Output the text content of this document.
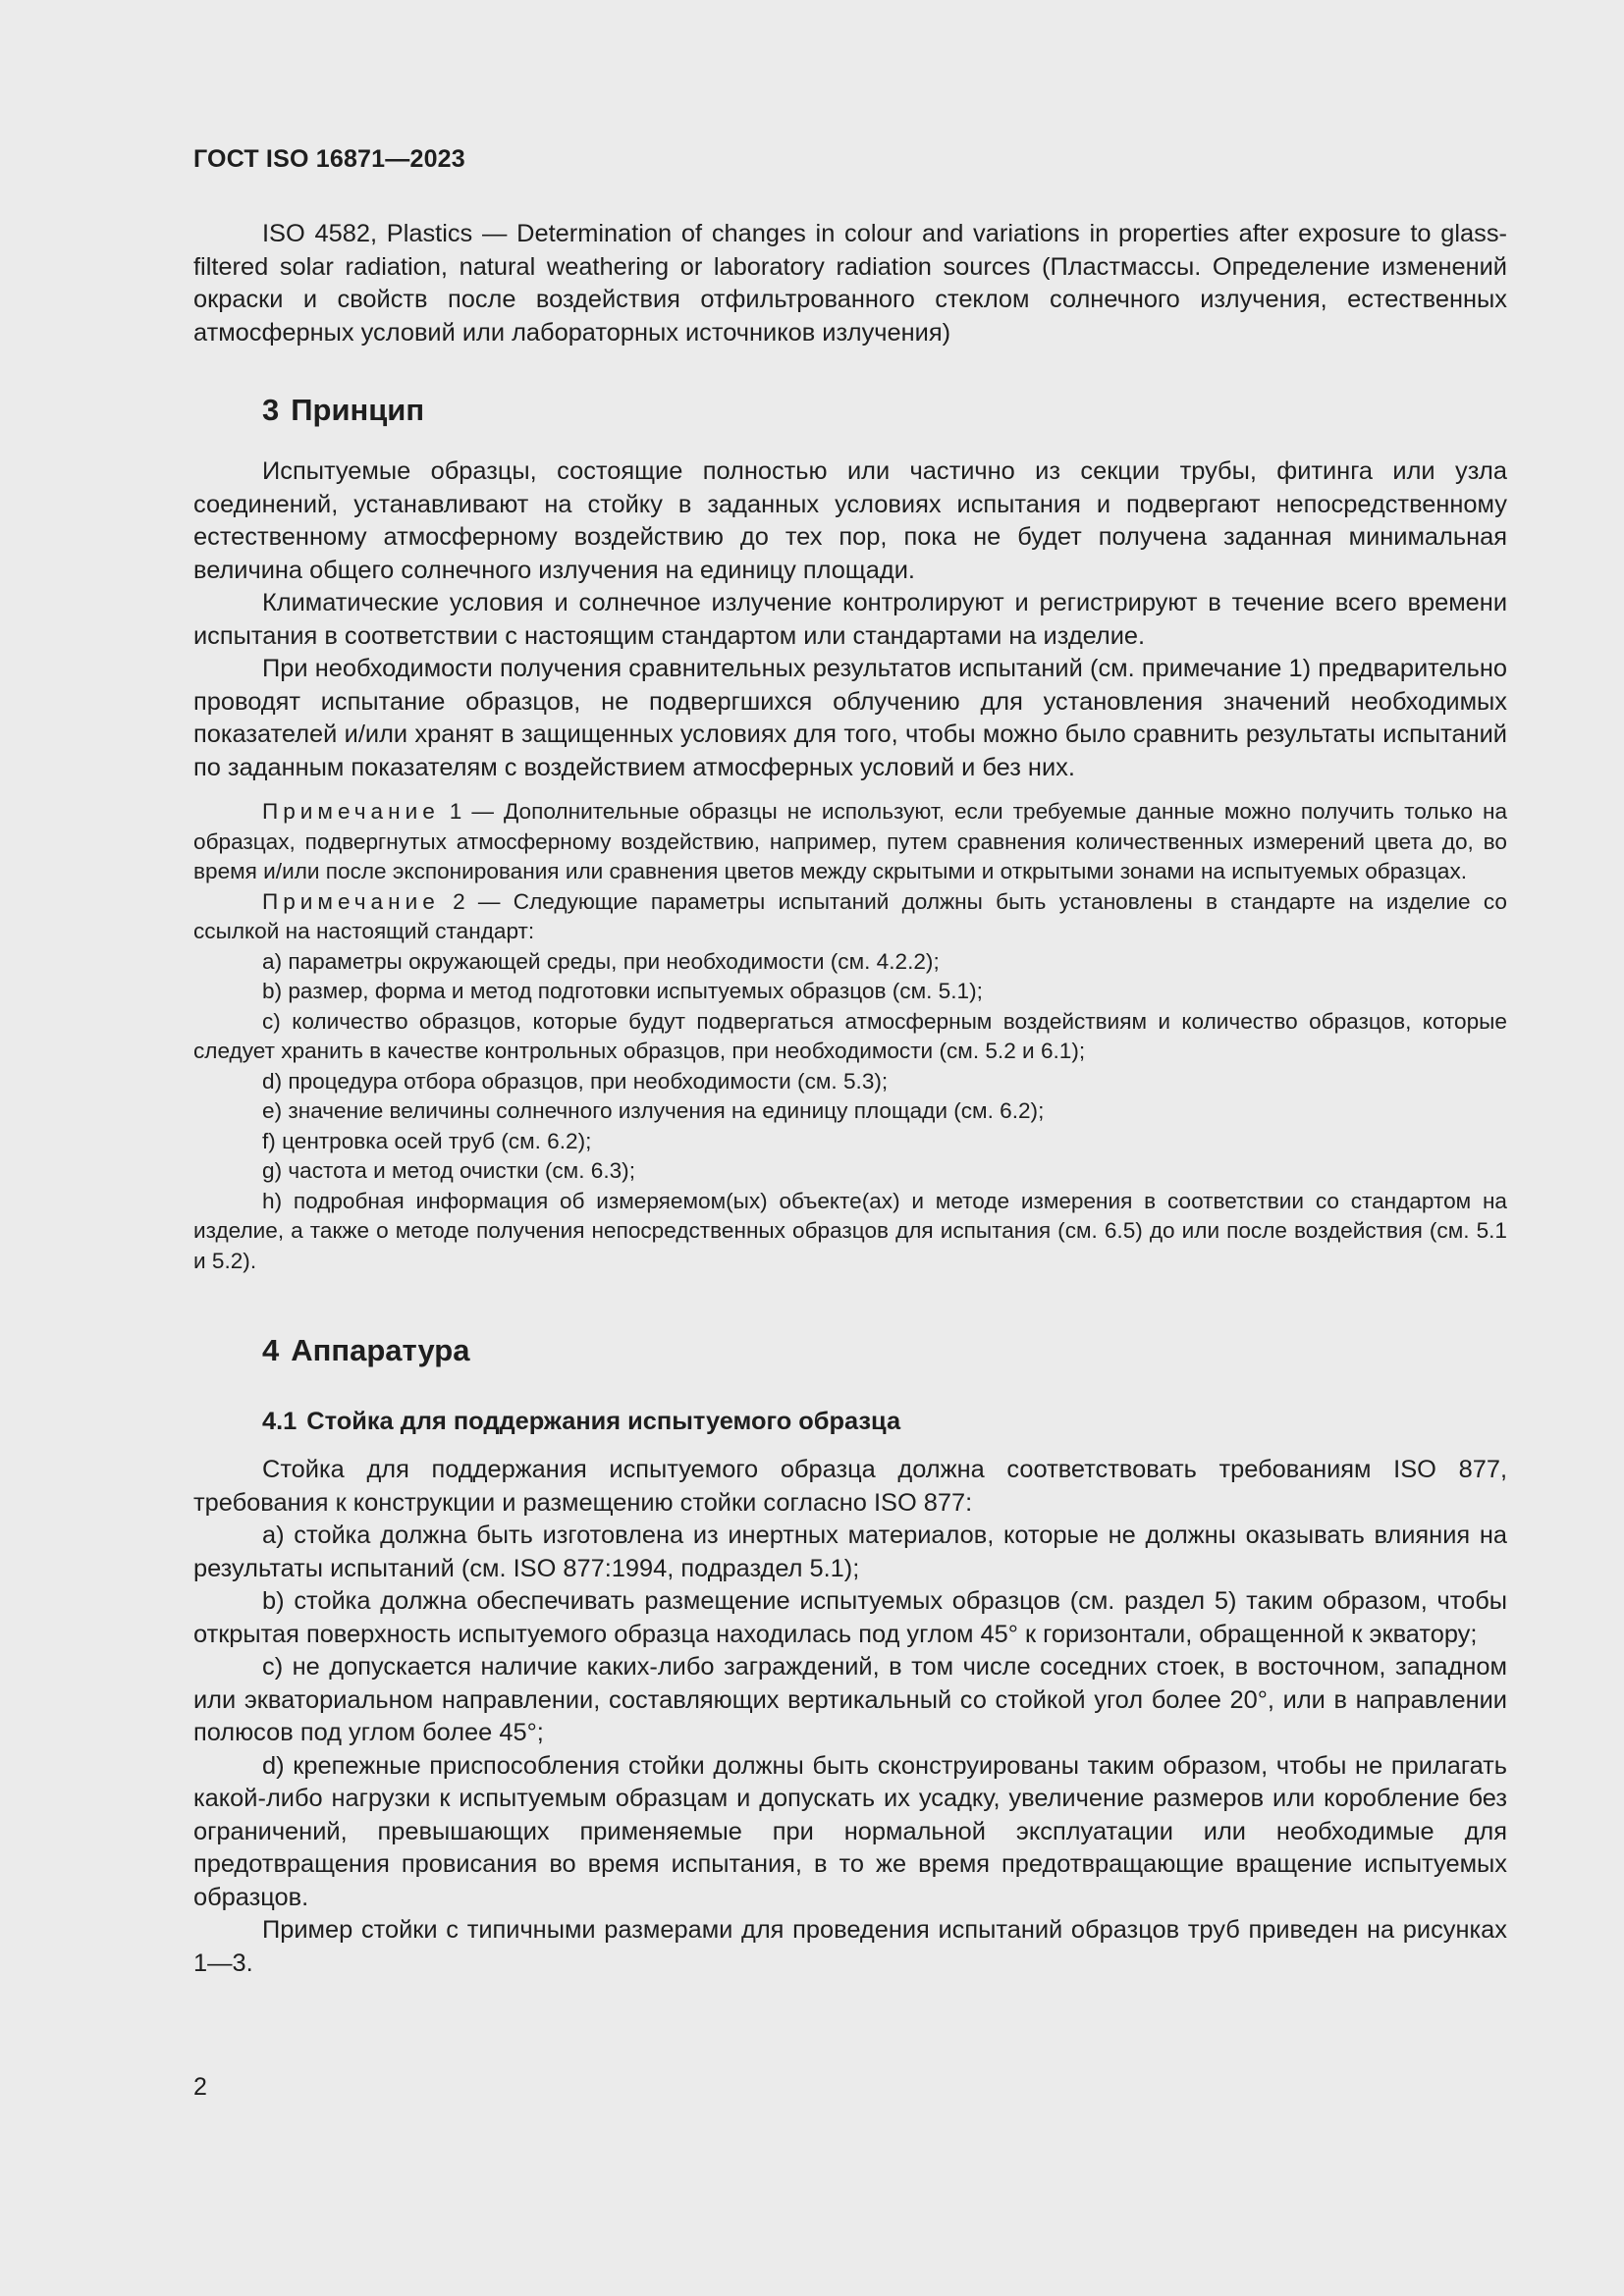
ГОСТ ISO 16871—2023

ISO 4582, Plastics — Determination of changes in colour and variations in properties after exposure to glass-filtered solar radiation, natural weathering or laboratory radiation sources (Пластмассы. Определение изменений окраски и свойств после воздействия отфильтрованного стеклом солнечного излучения, естественных атмосферных условий или лабораторных источников излучения)

3 Принцип

Испытуемые образцы, состоящие полностью или частично из секции трубы, фитинга или узла соединений, устанавливают на стойку в заданных условиях испытания и подвергают непосредственному естественному атмосферному воздействию до тех пор, пока не будет получена заданная минимальная величина общего солнечного излучения на единицу площади.

Климатические условия и солнечное излучение контролируют и регистрируют в течение всего времени испытания в соответствии с настоящим стандартом или стандартами на изделие.

При необходимости получения сравнительных результатов испытаний (см. примечание 1) предварительно проводят испытание образцов, не подвергшихся облучению для установления значений необходимых показателей и/или хранят в защищенных условиях для того, чтобы можно было сравнить результаты испытаний по заданным показателям с воздействием атмосферных условий и без них.

Примечание 1 — Дополнительные образцы не используют, если требуемые данные можно получить только на образцах, подвергнутых атмосферному воздействию, например, путем сравнения количественных измерений цвета до, во время и/или после экспонирования или сравнения цветов между скрытыми и открытыми зонами на испытуемых образцах.

Примечание 2 — Следующие параметры испытаний должны быть установлены в стандарте на изделие со ссылкой на настоящий стандарт:

a) параметры окружающей среды, при необходимости (см. 4.2.2);

b) размер, форма и метод подготовки испытуемых образцов (см. 5.1);

c) количество образцов, которые будут подвергаться атмосферным воздействиям и количество образцов, которые следует хранить в качестве контрольных образцов, при необходимости (см. 5.2 и 6.1);

d) процедура отбора образцов, при необходимости (см. 5.3);

e) значение величины солнечного излучения на единицу площади (см. 6.2);

f) центровка осей труб (см. 6.2);

g) частота и метод очистки (см. 6.3);

h) подробная информация об измеряемом(ых) объекте(ах) и методе измерения в соответствии со стандартом на изделие, а также о методе получения непосредственных образцов для испытания (см. 6.5) до или после воздействия (см. 5.1 и 5.2).

4 Аппаратура
4.1 Стойка для поддержания испытуемого образца

Стойка для поддержания испытуемого образца должна соответствовать требованиям ISO 877, требования к конструкции и размещению стойки согласно ISO 877:

a) стойка должна быть изготовлена из инертных материалов, которые не должны оказывать влияния на результаты испытаний (см. ISO 877:1994, подраздел 5.1);

b) стойка должна обеспечивать размещение испытуемых образцов (см. раздел 5) таким образом, чтобы открытая поверхность испытуемого образца находилась под углом 45° к горизонтали, обращенной к экватору;

c) не допускается наличие каких-либо заграждений, в том числе соседних стоек, в восточном, западном или экваториальном направлении, составляющих вертикальный со стойкой угол более 20°, или в направлении полюсов под углом более 45°;

d) крепежные приспособления стойки должны быть сконструированы таким образом, чтобы не прилагать какой-либо нагрузки к испытуемым образцам и допускать их усадку, увеличение размеров или коробление без ограничений, превышающих применяемые при нормальной эксплуатации или необходимые для предотвращения провисания во время испытания, в то же время предотвращающие вращение испытуемых образцов.

Пример стойки с типичными размерами для проведения испытаний образцов труб приведен на рисунках 1—3.

2
